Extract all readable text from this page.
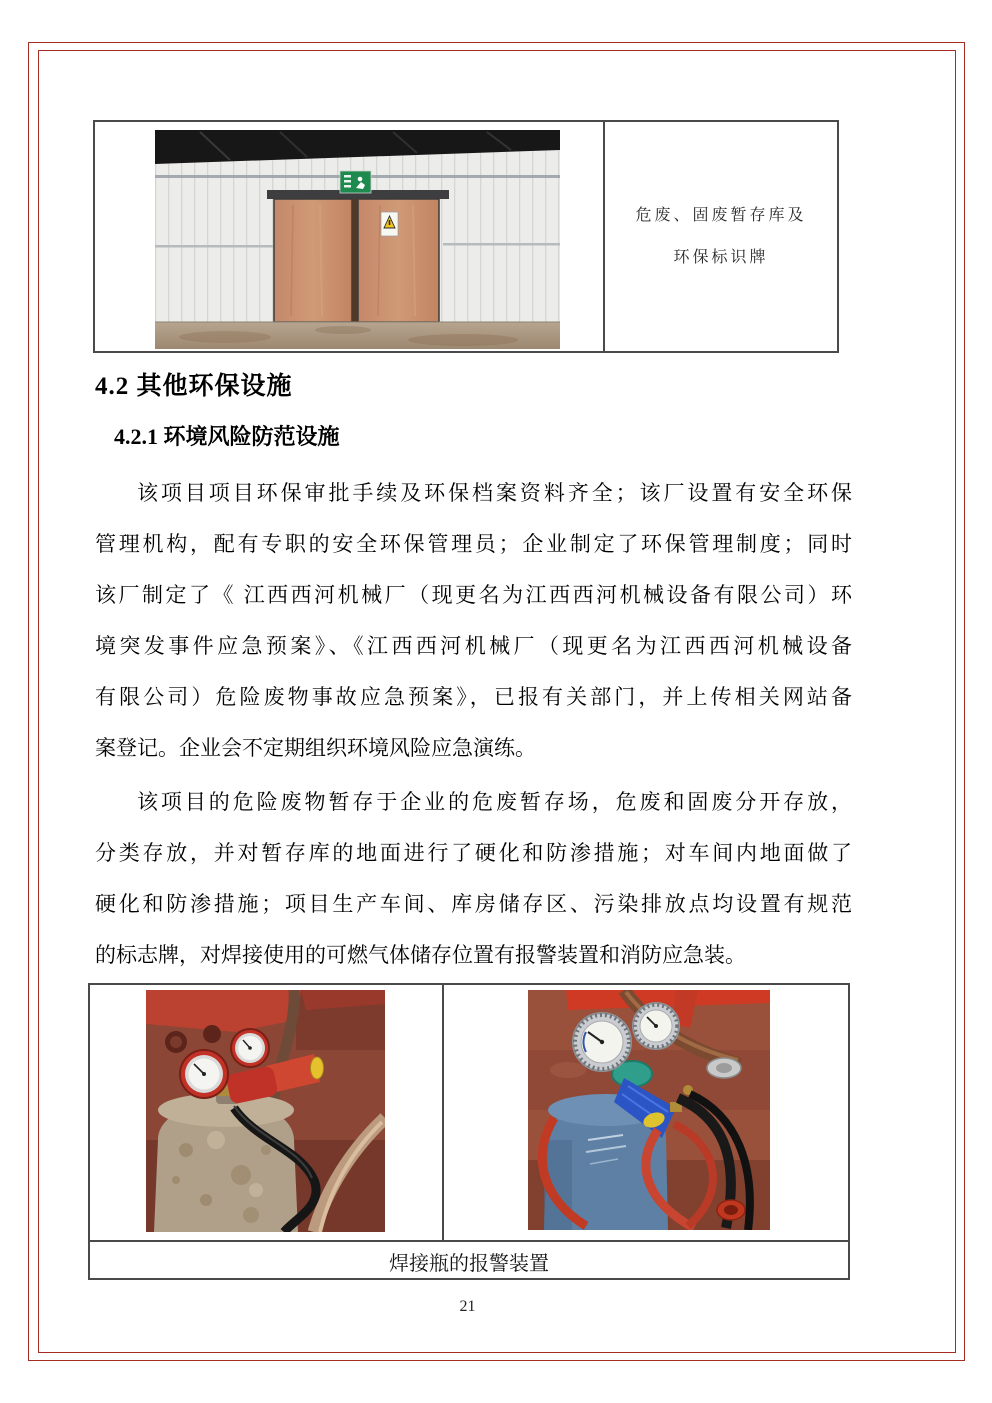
危废、固废暂存库及
环保标识牌
4.2 其他环保设施
4.2.1 环境风险防范设施
该项目项目环保审批手续及环保档案资料齐全；该厂设置有安全环保
管理机构，配有专职的安全环保管理员；企业制定了环保管理制度；同时
该厂制定了《 江西西河机械厂（现更名为江西西河机械设备有限公司）环
境突发事件应急预案》、《江西西河机械厂（现更名为江西西河机械设备
有限公司）危险废物事故应急预案》，已报有关部门，并上传相关网站备
案登记。企业会不定期组织环境风险应急演练。
该项目的危险废物暂存于企业的危废暂存场，危废和固废分开存放，
分类存放，并对暂存库的地面进行了硬化和防渗措施；对车间内地面做了
硬化和防渗措施；项目生产车间、库房储存区、污染排放点均设置有规范
的标志牌，对焊接使用的可燃气体储存位置有报警装置和消防应急装。
焊接瓶的报警装置
21
